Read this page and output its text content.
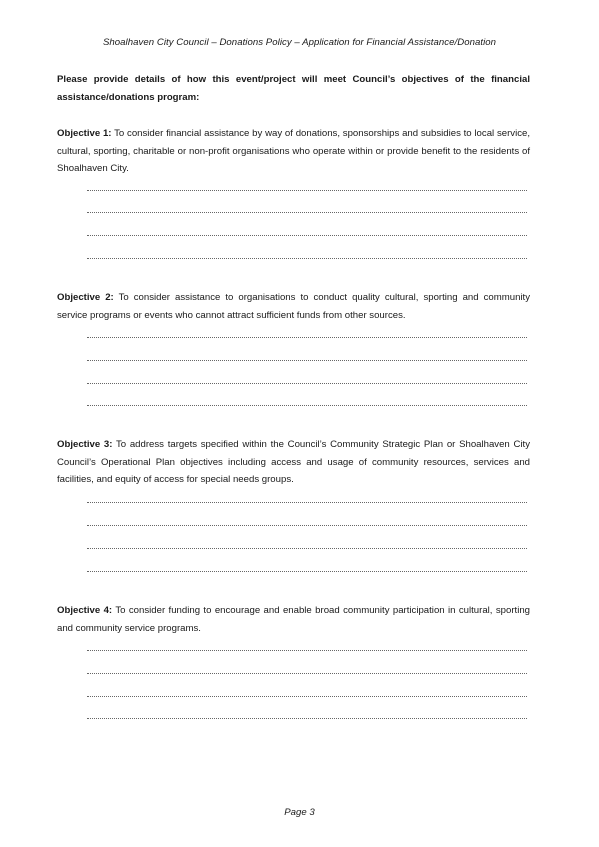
Shoalhaven City Council – Donations Policy – Application for Financial Assistance/Donation
Please provide details of how this event/project will meet Council’s objectives of the financial assistance/donations program:
Objective 1: To consider financial assistance by way of donations, sponsorships and subsidies to local service, cultural, sporting, charitable or non-profit organisations who operate within or provide benefit to the residents of Shoalhaven City.
Objective 2: To consider assistance to organisations to conduct quality cultural, sporting and community service programs or events who cannot attract sufficient funds from other sources.
Objective 3: To address targets specified within the Council’s Community Strategic Plan or Shoalhaven City Council’s Operational Plan objectives including access and usage of community resources, services and facilities, and equity of access for special needs groups.
Objective 4: To consider funding to encourage and enable broad community participation in cultural, sporting and community service programs.
Page 3
